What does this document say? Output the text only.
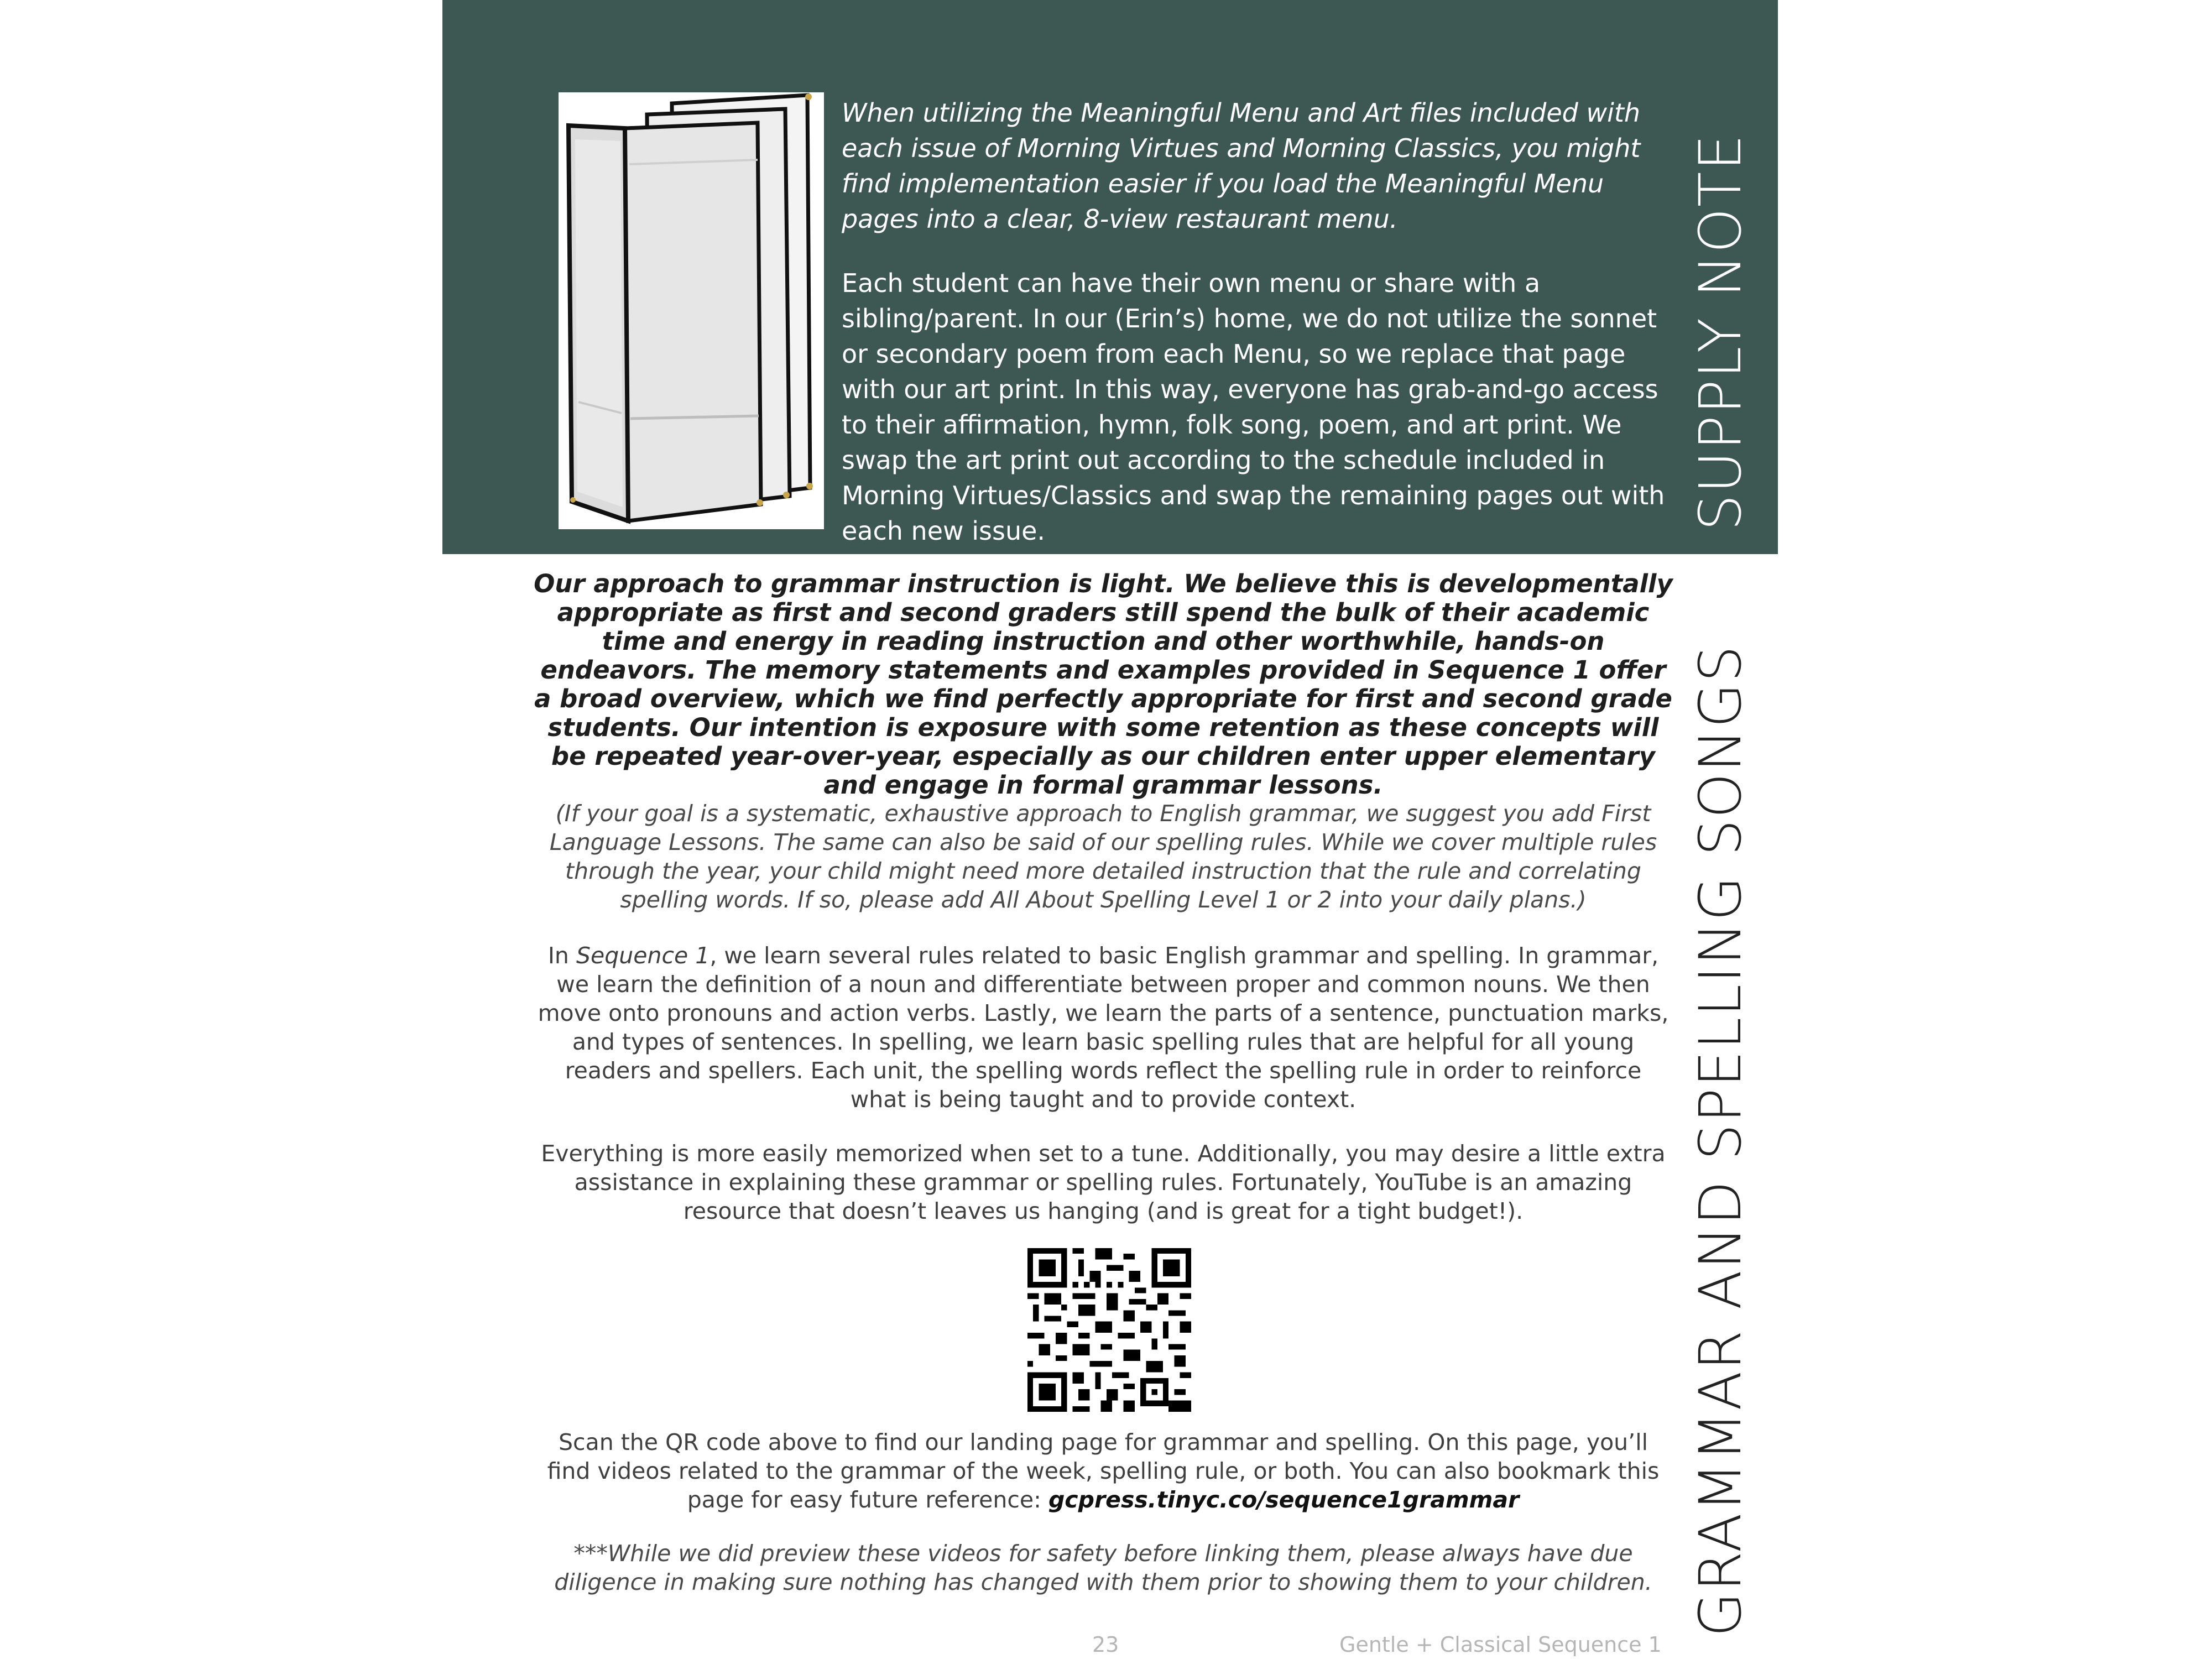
When utilizing the Meaningful Menu and Art files included with each issue of Morning Virtues and Morning Classics, you might find implementation easier if you load the Meaningful Menu pages into a clear, 8-view restaurant menu.

Each student can have their own menu or share with a sibling/parent. In our (Erin’s) home, we do not utilize the sonnet or secondary poem from each Menu, so we replace that page with our art print. In this way, everyone has grab-and-go access to their affirmation, hymn, folk song, poem, and art print. We swap the art print out according to the schedule included in Morning Virtues/Classics and swap the remaining pages out with each new issue.	SUPPLY NOTE
GRAMMAR AND SPELLING SONGS

Our approach to grammar instruction is light. We believe this is developmentally appropriate as first and second graders still spend the bulk of their academic time and energy in reading instruction and other worthwhile, hands-on endeavors. The memory statements and examples provided in Sequence 1 offer a broad overview, which we find perfectly appropriate for first and second grade students. Our intention is exposure with some retention as these concepts will be repeated year-over-year, especially as our children enter upper elementary and engage in formal grammar lessons.

(If your goal is a systematic, exhaustive approach to English grammar, we suggest you add First Language Lessons. The same can also be said of our spelling rules. While we cover multiple rules through the year, your child might need more detailed instruction that the rule and correlating spelling words. If so, please add All About Spelling Level 1 or 2 into your daily plans.)

In Sequence 1, we learn several rules related to basic English grammar and spelling. In grammar, we learn the definition of a noun and differentiate between proper and common nouns. We then move onto pronouns and action verbs. Lastly, we learn the parts of a sentence, punctuation marks, and types of sentences. In spelling, we learn basic spelling rules that are helpful for all young readers and spellers. Each unit, the spelling words reflect the spelling rule in order to reinforce what is being taught and to provide context.

Everything is more easily memorized when set to a tune. Additionally, you may desire a little extra assistance in explaining these grammar or spelling rules. Fortunately, YouTube is an amazing resource that doesn’t leaves us hanging (and is great for a tight budget!).

Scan the QR code above to find our landing page for grammar and spelling. On this page, you’ll find videos related to the grammar of the week, spelling rule, or both. You can also bookmark this page for easy future reference: gcpress.tinyc.co/sequence1grammar

***While we did preview these videos for safety before linking them, please always have due diligence in making sure nothing has changed with them prior to showing them to your children.

23	Gentle + Classical Sequence 1
